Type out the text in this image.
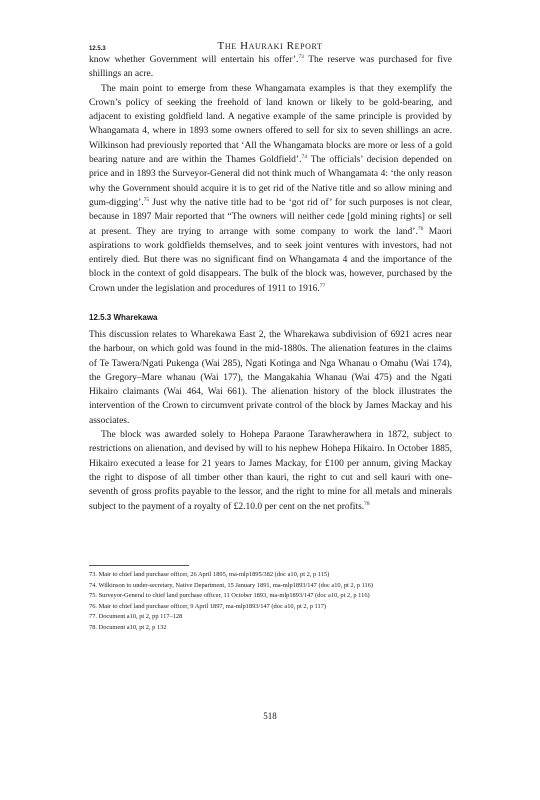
The Hauraki Report
12.5.3

know whether Government will entertain his offer’.$^{73}$ The reserve was purchased for five shillings an acre.

The main point to emerge from these Whangamata examples is that they exemplify the Crown’s policy of seeking the freehold of land known or likely to be gold-bearing, and adjacent to existing goldfield land. A negative example of the same principle is provided by Whangamata 4, where in 1893 some owners offered to sell for six to seven shillings an acre. Wilkinson had previously reported that ‘All the Whangamata blocks are more or less of a gold bearing nature and are within the Thames Goldfield’.$^{74}$ The officials’ decision depended on price and in 1893 the Surveyor-General did not think much of Whangamata 4: ‘the only reason why the Government should acquire it is to get rid of the Native title and so allow mining and gum-digging’.$^{75}$ Just why the native title had to be ‘got rid of’ for such purposes is not clear, because in 1897 Mair reported that “The owners will neither cede [gold mining rights] or sell at present. They are trying to arrange with some company to work the land’.$^{76}$ Maori aspirations to work goldfields themselves, and to seek joint ventures with investors, had not entirely died. But there was no significant find on Whangamata 4 and the importance of the block in the context of gold disappears. The bulk of the block was, however, purchased by the Crown under the legislation and procedures of 1911 to 1916.77

12.5.3 Wharekawa

This discussion relates to Wharekawa East 2, the Wharekawa subdivision of 6921 acres near the harbour, on which gold was found in the mid-1880s. The alienation features in the claims of Te Tawera/Ngati Pukenga (Wai 285), Ngati Kotinga and Nga Whanau o Omahu (Wai 174), the Gregory–Mare whanau (Wai 177), the Mangakahia Whanau (Wai 475) and the Ngati Hikairo claimants (Wai 464, Wai 661). The alienation history of the block illustrates the intervention of the Crown to circumvent private control of the block by James Mackay and his associates.

The block was awarded solely to Hohepa Paraone Tarawherawhera in 1872, subject to restrictions on alienation, and devised by will to his nephew Hohepa Hikairo. In October 1885, Hikairo executed a lease for 21 years to James Mackay, for £100 per annum, giving Mackay the right to dispose of all timber other than kauri, the right to cut and sell kauri with one-seventh of gross profits payable to the lessor, and the right to mine for all metals and minerals subject to the payment of a royalty of £2.10.0 per cent on the net profits.$^{78}$

73. Mair to chief land purchase officer, 26 April 1895, ma-mlp1895/382 (doc a10, pt 2, p 115)
74. Wilkinson to under-secretary, Native Department, 15 January 1891, ma-mlp1893/147 (doc a10, pt 2, p 116)
75. Surveyor-General to chief land purchase officer, 11 October 1893, ma-mlp1893/147 (doc a10, pt 2, p 116)
76. Mair to chief land purchase officer, 9 April 1897, ma-mlp1893/147 (doc a10, pt 2, p 117)
77. Document a10, pt 2, pp 117–128
78. Document a10, pt 2, p 132
518
